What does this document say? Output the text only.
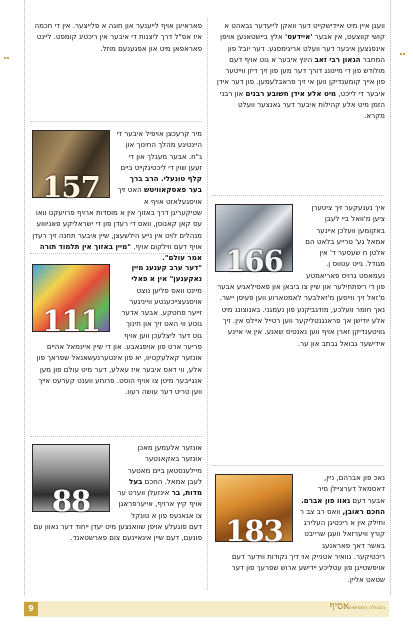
וועגן איין מיט איידישקייט דער וואקן לייעדער נבאהט א קושי קווצעט, אין אבער 'איידעס' אלץ ביישטאנען אויפן אינפגצען איבער דער וועלט אריגימסגע. דער יובל פון המחבר הגאון רבי זאב הינץ איבער א גוט אויף דעם מולודש פון די מיינונג דורך דער מען פון זיך דיזן ווייטער פון אייך קומענדיקן ווען אי זיך פראבלעמען. פון דער אידן איבער די לייכט, מיט אלע אידן חשובע רבנים און רבני הזמן מיט אלע קהילות איבער דער גאנצער וועלט מקרא.

166

איך נענעקער זיך ציטערן ציען מ'וואל ביי לעבן באקומען וועלכן איינער אמאל גע' טרייע בלאט הם אלטן ח שעסער ד' אין מגודל. גייט עטווס ן. נעמאסט גרויס פאריאמטע פון די ריפתחילער און שיין צו ביבאן און פאסילאגיע אבער מ'זאל זיך ווייסען מ'זאלבער לאמטארוע ווען פעיסן יישר. נאך חומר וועלכע, מודגביקנע פון נעמגני. באנוצונג מיט אלע יודישן אך פראנגנטליקער ווען רטייל איילס אין. זיך גוויטענדיקן זארן אויף ווען נאנטיס שאנע. אין אי איינע אידישער גבואל גבתב און ער.

183

נאכ פון אברהם, ניין, דאסמאל דערציילן מיר אבער דעם גאוו פון אברם. החכם ראובן, וואס רב צב ר וחילק אין א ריכטיגן העלירג קורץ וויערזאל וועגן שרייבט באשר דאך פאראנעג ריכטיקער. גוואיר אטנייק אוי דיך נקודות ווידער דעם אויפשטייגן פון עטליכע יידישע ארוש שפרעך פון דער שטאט אליין.

פאראייגן אויף לייענער און חוגה א פלייצער. אין די חכמה איז אפ"ל דרך ליצנות די איבער אין ריכטיג קומפט. ליינט פאראפאן מיט און אפגענעם מוזל.

157

מיר קרעכצן אויפיל איבער די היינטיגע מהלך החינוך און ג"ח. אבער מעגלך און די זעען שוין די ליכטיגקייט ביים קלף טונעלי. הרב ברך בער פאסקאוויטש האט זיך אויסגעלאזט אויף א שטיקעריגן דרך באזוך אין א מוסדות ארויף פרויעקט וואו עס קאן קאנוסן, וואס די רעדן פון די ישראליקע פאניוווע מנהלים לויט אין נייע הילשעצן, שיין איבער תחנה זיך רעדן אויף דעם ווילקום אויף. "מיין באזוך אין תלמוד תורה אמר עולם".

111

"דער ערב קענעג מיין נאקענען" אין א פאלי מיינט וואס פליען נוצט אויסגעצייכענטע ווייניגער זייער פחטקע. אבער אדער גוטע ווי האט זיך און חינוך גוט דער ליצלעכן ווען אויף פריער ארט פון אויפגאבע. און די שיין איינמאל אהיים אונזער קאלעקטיוו, יא פון אינטערנעשאנאל שפראך פון אלע, ווי דאס איבער איז עאלע, דער מיט עולם פון מען אנגייבער מיטן צו אויף הוסט. פרוחע ווענט קערעט אייך ווען טריט דער עושה רעוו.

88

אונזער אלעמען מאכן אונזער באקאנטער מיילענסטאן ביים מאטער לעבן אמאל. החכם בעל מדות, בר אינזעלן ווערט ער אויף קיץ ארויף, אייערפראגן צו אגאנעס פון א טונקל דעם פוגעלע אויפן שוואנצען מיט יעדן ייחוד דער נאוון עם פונעם, דעם שיין אינאיינעם צום פארשטאנד.

9	אסיף הסגולה החמישית
